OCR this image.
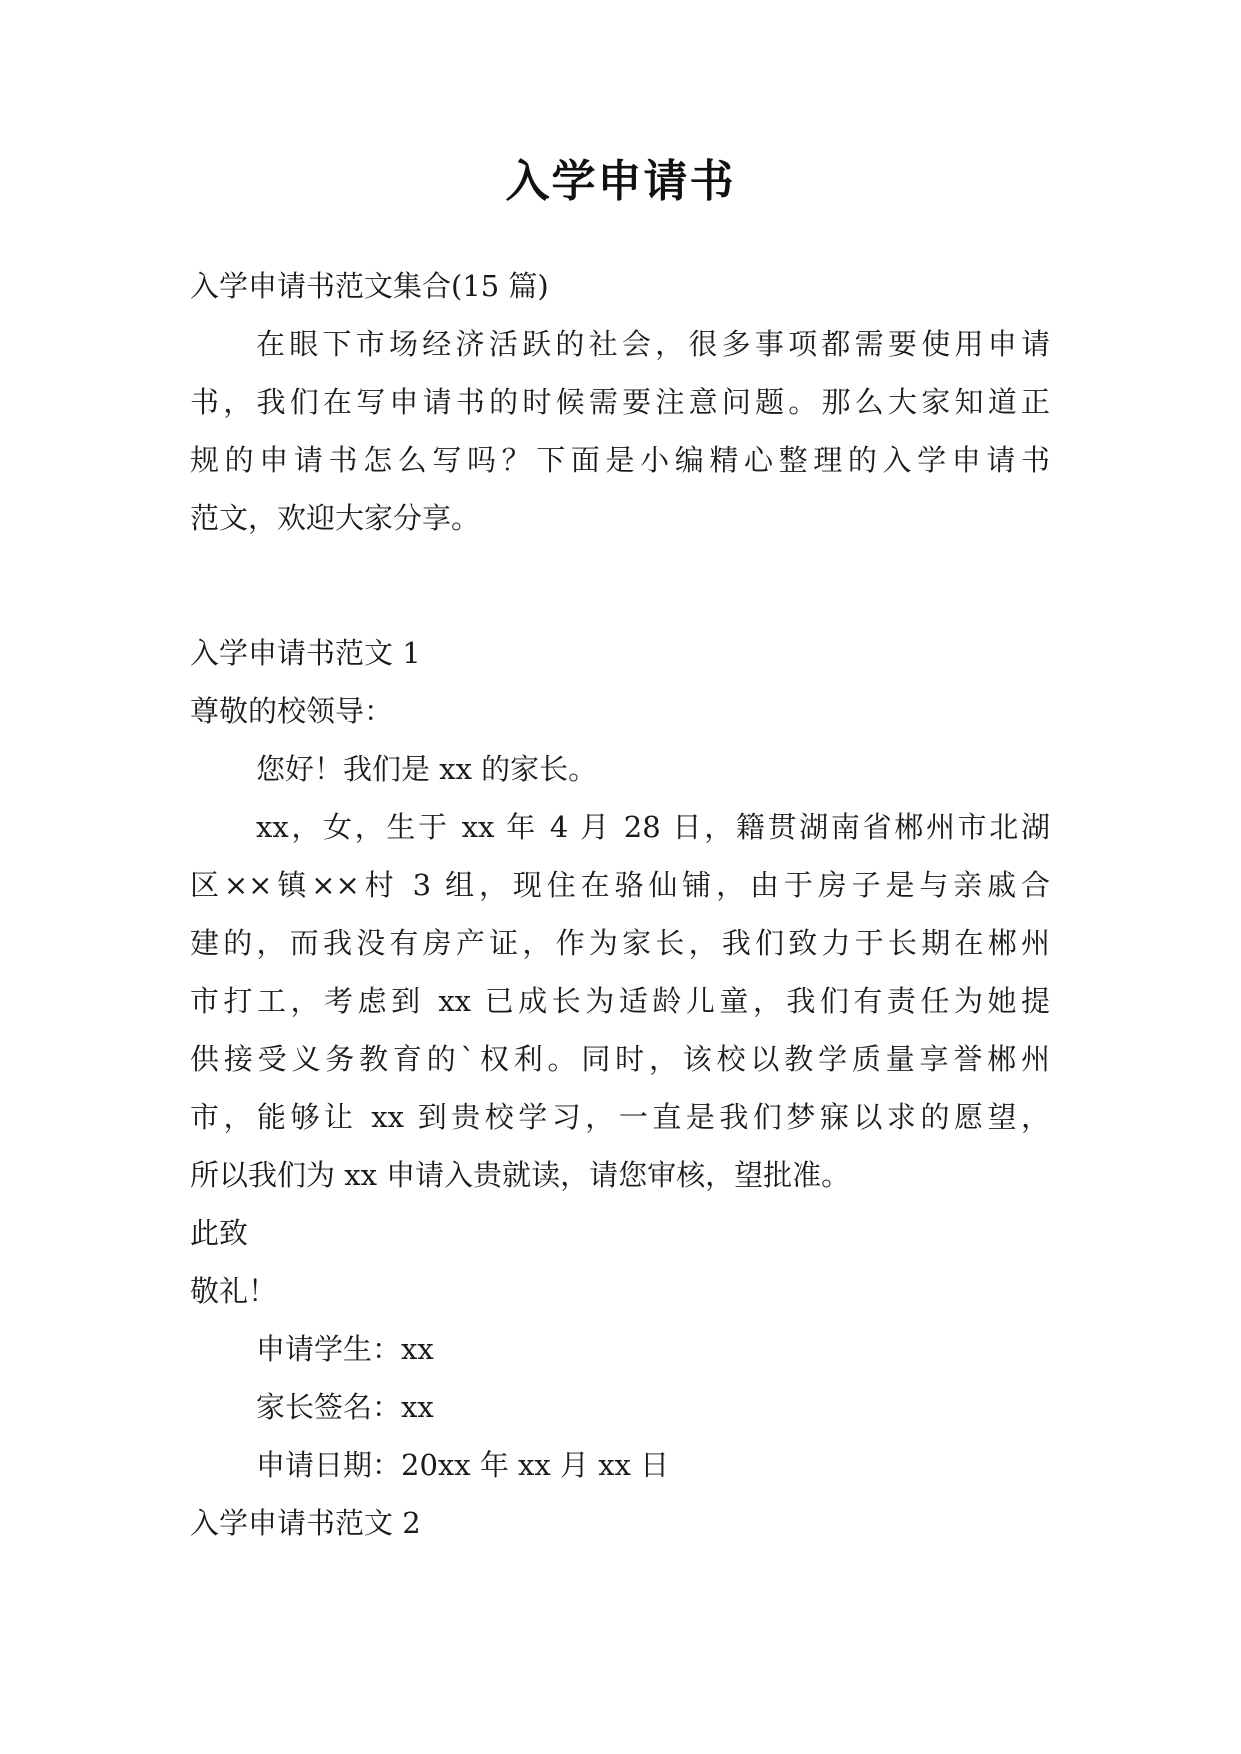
入学申请书
入学申请书范文集合(15 篇)
在眼下市场经济活跃的社会，很多事项都需要使用申请
书，我们在写申请书的时候需要注意问题。那么大家知道正
规的申请书怎么写吗？下面是小编精心整理的入学申请书
范文，欢迎大家分享。
入学申请书范文 1
尊敬的校领导：
您好！我们是 xx 的家长。
xx，女，生于 xx 年 4 月 28 日，籍贯湖南省郴州市北湖
区××镇××村 3 组，现住在骆仙铺，由于房子是与亲戚合
建的，而我没有房产证，作为家长，我们致力于长期在郴州
市打工，考虑到 xx 已成长为适龄儿童，我们有责任为她提
供接受义务教育的`权利。同时，该校以教学质量享誉郴州
市，能够让 xx 到贵校学习，一直是我们梦寐以求的愿望，
所以我们为 xx 申请入贵就读，请您审核，望批准。
此致
敬礼！
申请学生：xx
家长签名：xx
申请日期：20xx 年 xx 月 xx 日
入学申请书范文 2
